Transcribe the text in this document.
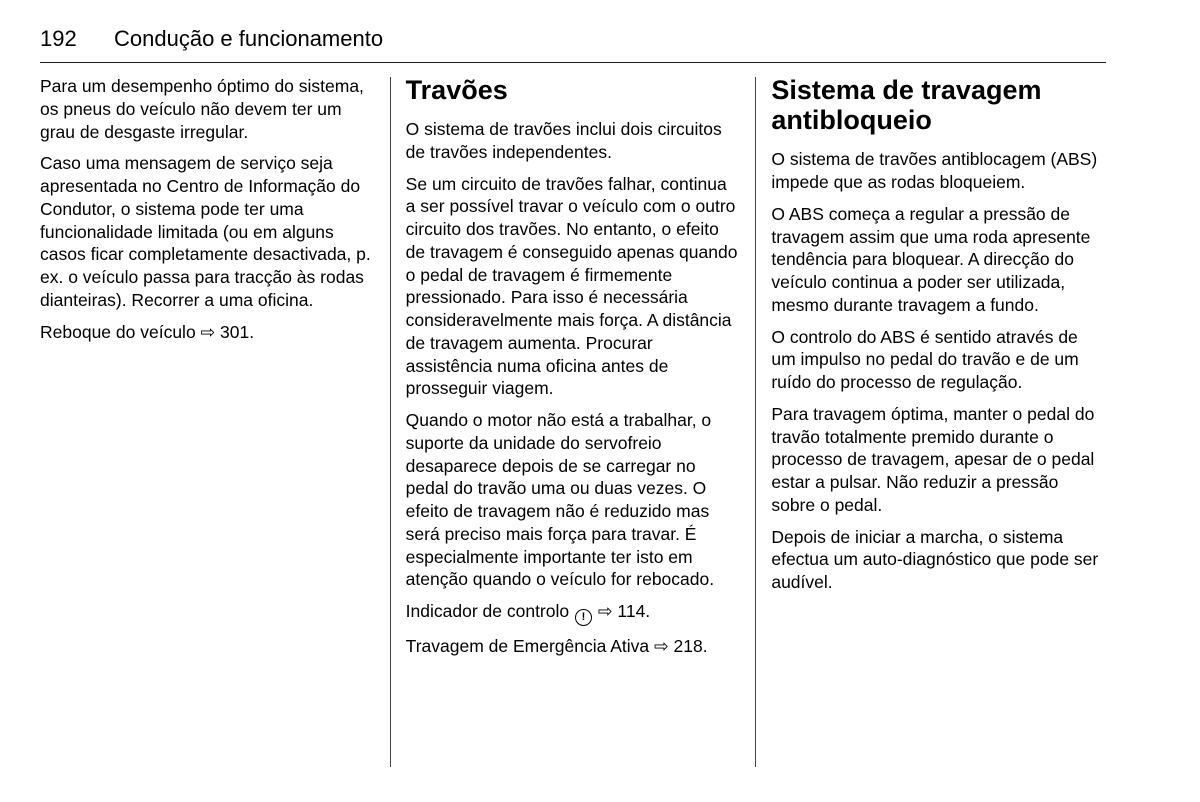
192 Condução e funcionamento

Para um desempenho óptimo do sistema, os pneus do veículo não devem ter um grau de desgaste irregular.

Caso uma mensagem de serviço seja apresentada no Centro de Informação do Condutor, o sistema pode ter uma funcionalidade limitada (ou em alguns casos ficar completamente desactivada, p. ex. o veículo passa para tracção às rodas dianteiras). Recorrer a uma oficina.

Reboque do veículo ⇨ 301.

Travões

O sistema de travões inclui dois circuitos de travões independentes.

Se um circuito de travões falhar, continua a ser possível travar o veículo com o outro circuito dos travões. No entanto, o efeito de travagem é conseguido apenas quando o pedal de travagem é firmemente pressionado. Para isso é necessária consideravelmente mais força. A distância de travagem aumenta. Procurar assistência numa oficina antes de prosseguir viagem.

Quando o motor não está a trabalhar, o suporte da unidade do servofreio desaparece depois de se carregar no pedal do travão uma ou duas vezes. O efeito de travagem não é reduzido mas será preciso mais força para travar. É especialmente importante ter isto em atenção quando o veículo for rebocado.

Indicador de controlo ! ⇨ 114.

Travagem de Emergência Ativa ⇨ 218.

Sistema de travagem antibloqueio

O sistema de travões antiblocagem (ABS) impede que as rodas bloqueiem.

O ABS começa a regular a pressão de travagem assim que uma roda apresente tendência para bloquear. A direcção do veículo continua a poder ser utilizada, mesmo durante travagem a fundo.

O controlo do ABS é sentido através de um impulso no pedal do travão e de um ruído do processo de regulação.

Para travagem óptima, manter o pedal do travão totalmente premido durante o processo de travagem, apesar de o pedal estar a pulsar. Não reduzir a pressão sobre o pedal.

Depois de iniciar a marcha, o sistema efectua um auto-diagnóstico que pode ser audível.
